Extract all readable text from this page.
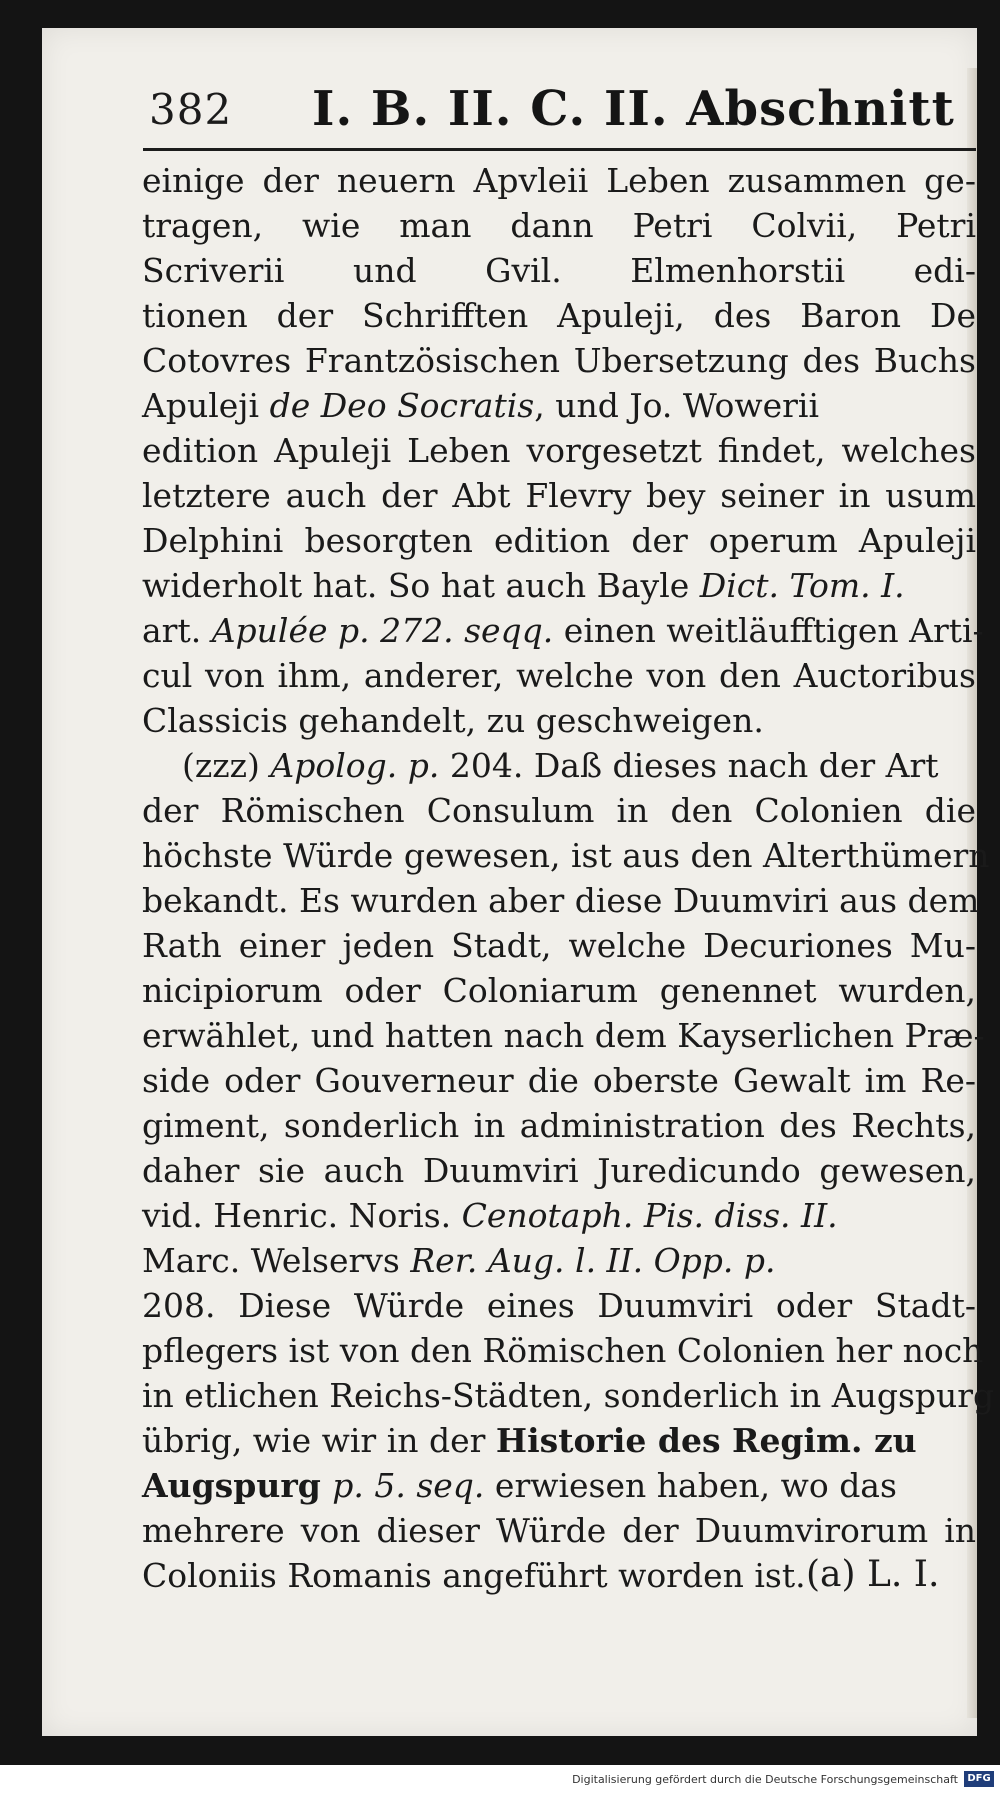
382 I. B. II. C. II. Abschnitt
einige der neuern Apvleii Leben zusammen ge-
tragen, wie man dann Petri Colvii, Petri
Scriverii und Gvil. Elmenhorstii edi-
tionen der Schrifften Apuleji, des Baron De
Cotovres Frantzösischen Ubersetzung des Buchs
Apuleji de Deo Socratis, und Jo. Wowerii
edition Apuleji Leben vorgesetzt findet, welches
letztere auch der Abt Flevry bey seiner in usum
Delphini besorgten edition der operum Apuleji
widerholt hat. So hat auch Bayle Dict. Tom. I.
art. Apulée p. 272. seqq. einen weitläufftigen Arti-
cul von ihm, anderer, welche von den Auctoribus
Classicis gehandelt, zu geschweigen.
(zzz) Apolog. p. 204. Daß dieses nach der Art
der Römischen Consulum in den Colonien die
höchste Würde gewesen, ist aus den Alterthümern
bekandt. Es wurden aber diese Duumviri aus dem
Rath einer jeden Stadt, welche Decuriones Mu-
nicipiorum oder Coloniarum genennet wurden,
erwählet, und hatten nach dem Kayserlichen Præ-
side oder Gouverneur die oberste Gewalt im Re-
giment, sonderlich in administration des Rechts,
daher sie auch Duumviri Juredicundo gewesen,
vid. Henric. Noris. Cenotaph. Pis. diss. II.
Marc. Welservs Rer. Aug. l. II. Opp. p.
208. Diese Würde eines Duumviri oder Stadt-
pflegers ist von den Römischen Colonien her noch
in etlichen Reichs-Städten, sonderlich in Augspurg
übrig, wie wir in der Historie des Regim. zu
Augspurg p. 5. seq. erwiesen haben, wo das
mehrere von dieser Würde der Duumvirorum in
Coloniis Romanis angeführt worden ist. (a) L. I.
Digitalisierung gefördert durch die Deutsche Forschungsgemeinschaft DFG
